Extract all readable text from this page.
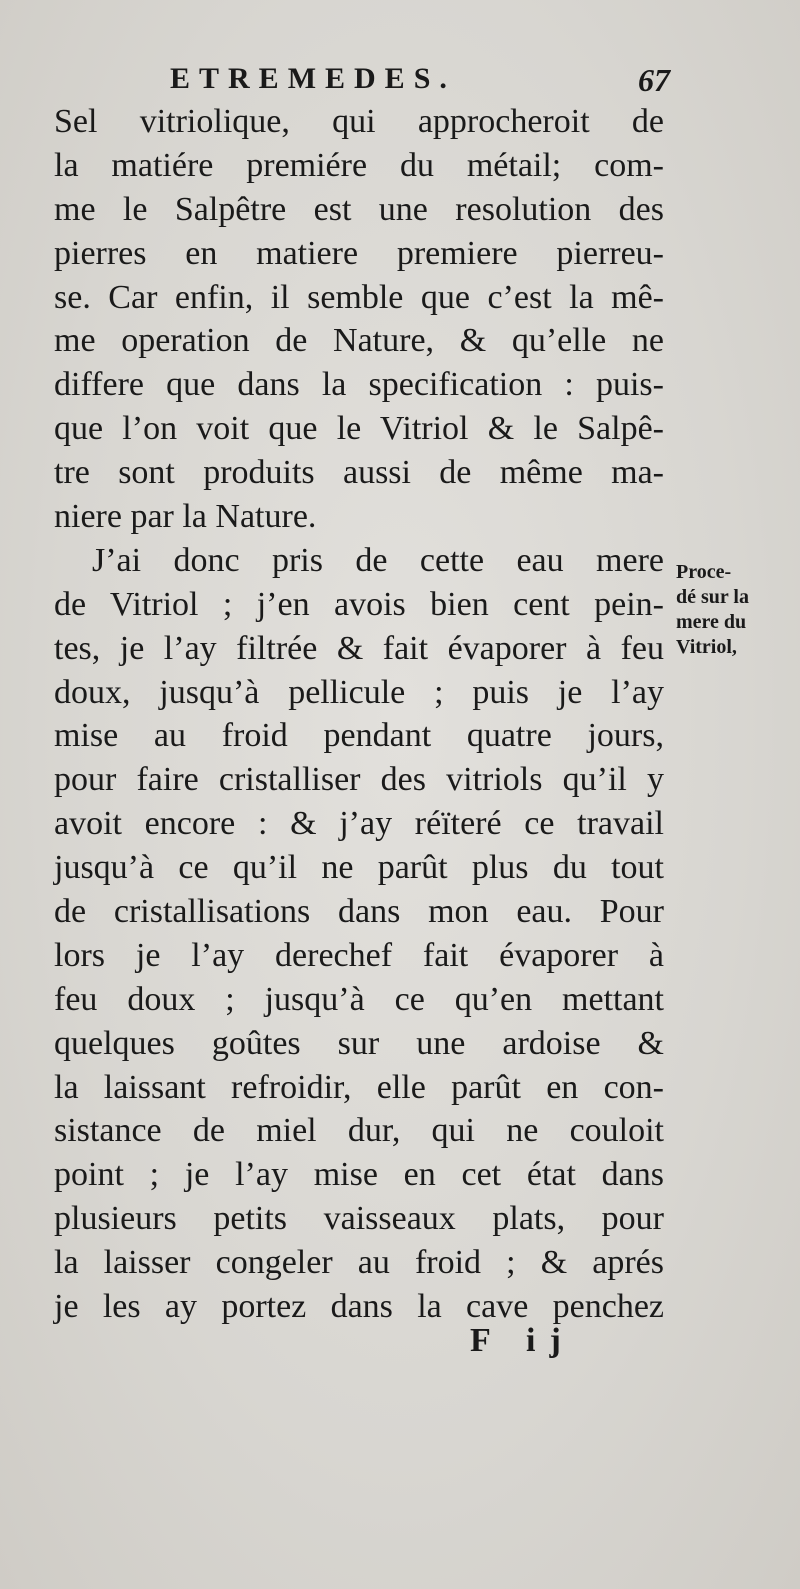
ETREMEDES.	67
Sel vitriolique, qui approcheroit de
la matiére premiére du métail; com-
me le Salpêtre est une resolution des
pierres en matiere premiere pierreu-
se. Car enfin, il semble que c’est la mê-
me operation de Nature, & qu’elle ne
differe que dans la specification : puis-
que l’on voit que le Vitriol & le Salpê-
tre sont produits aussi de même ma-
niere par la Nature.
J’ai donc pris de cette eau mere
de Vitriol ; j’en avois bien cent pein-
tes, je l’ay filtrée & fait évaporer à feu
doux, jusqu’à pellicule ; puis je l’ay
mise au froid pendant quatre jours,
pour faire cristalliser des vitriols qu’il y
avoit encore : & j’ay réïteré ce travail
jusqu’à ce qu’il ne parût plus du tout
de cristallisations dans mon eau. Pour
lors je l’ay derechef fait évaporer à
feu doux ; jusqu’à ce qu’en mettant
quelques goûtes sur une ardoise &
la laissant refroidir, elle parût en con-
sistance de miel dur, qui ne couloit
point ; je l’ay mise en cet état dans
plusieurs petits vaisseaux plats, pour
la laisser congeler au froid ; & aprés
je les ay portez dans la cave penchez
Proce-
dé sur la
mere du
Vitriol,
F ij
